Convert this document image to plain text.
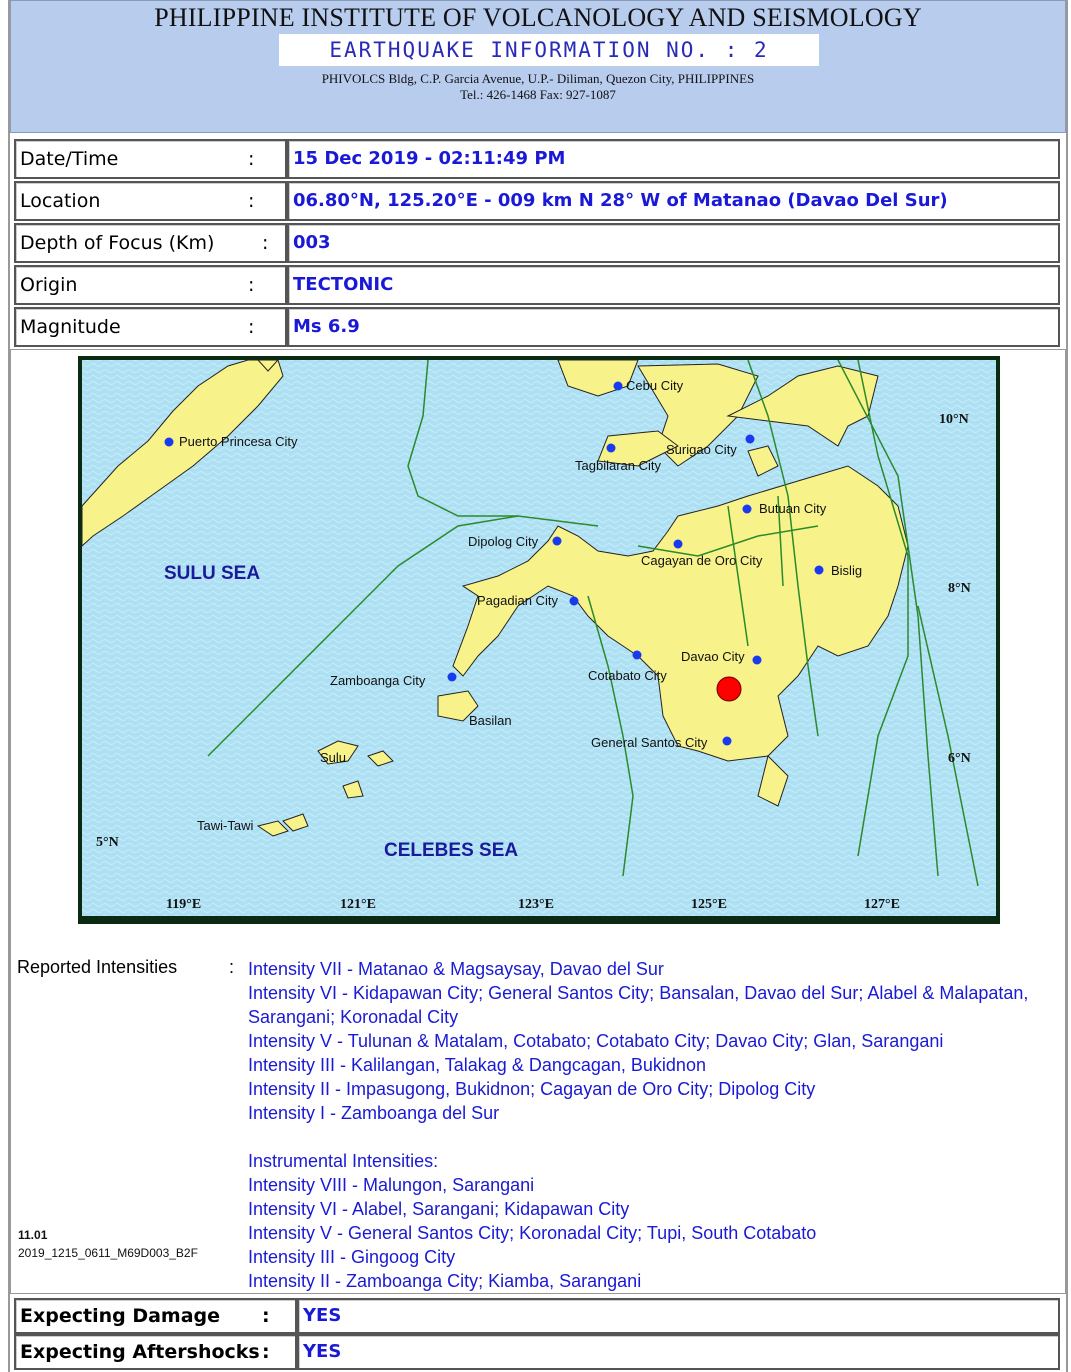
PHILIPPINE INSTITUTE OF VOLCANOLOGY AND SEISMOLOGY
EARTHQUAKE INFORMATION NO. : 2
PHIVOLCS Bldg, C.P. Garcia Avenue, U.P.- Diliman, Quezon City, PHILIPPINES
Tel.: 426-1468 Fax: 927-1087
Date/Time	:	15 Dec 2019 - 02:11:49 PM
Location	:	06.80°N, 125.20°E - 009 km N 28° W of Matanao (Davao Del Sur)
Depth of Focus (Km)	:	003
Origin	:	TECTONIC
Magnitude	:	Ms 6.9
Cebu City
Puerto Princesa City
Surigao City
Tagbilaran City
Butuan City
Dipolog City
Cagayan de Oro City
Bislig
Pagadian City
Davao City
Cotabato City
Zamboanga City
Basilan
Sulu
General Santos City
Tawi-Tawi
SULU SEA
CELEBES SEA
10°N
8°N
6°N
5°N
119°E	121°E	123°E	125°E	127°E
Reported Intensities	: Intensity VII - Matanao & Magsaysay, Davao del Sur
Intensity VI - Kidapawan City; General Santos City; Bansalan, Davao del Sur; Alabel & Malapatan,
Sarangani; Koronadal City
Intensity V - Tulunan & Matalam, Cotabato; Cotabato City; Davao City; Glan, Sarangani
Intensity III - Kalilangan, Talakag & Dangcagan, Bukidnon
Intensity II - Impasugong, Bukidnon; Cagayan de Oro City; Dipolog City
Intensity I - Zamboanga del Sur
Instrumental Intensities:
Intensity VIII - Malungon, Sarangani
Intensity VI - Alabel, Sarangani; Kidapawan City
Intensity V - General Santos City; Koronadal City; Tupi, South Cotabato
Intensity III - Gingoog City
Intensity II - Zamboanga City; Kiamba, Sarangani
11.01
2019_1215_0611_M69D003_B2F
Expecting Damage :	YES
Expecting Aftershocks :	YES
